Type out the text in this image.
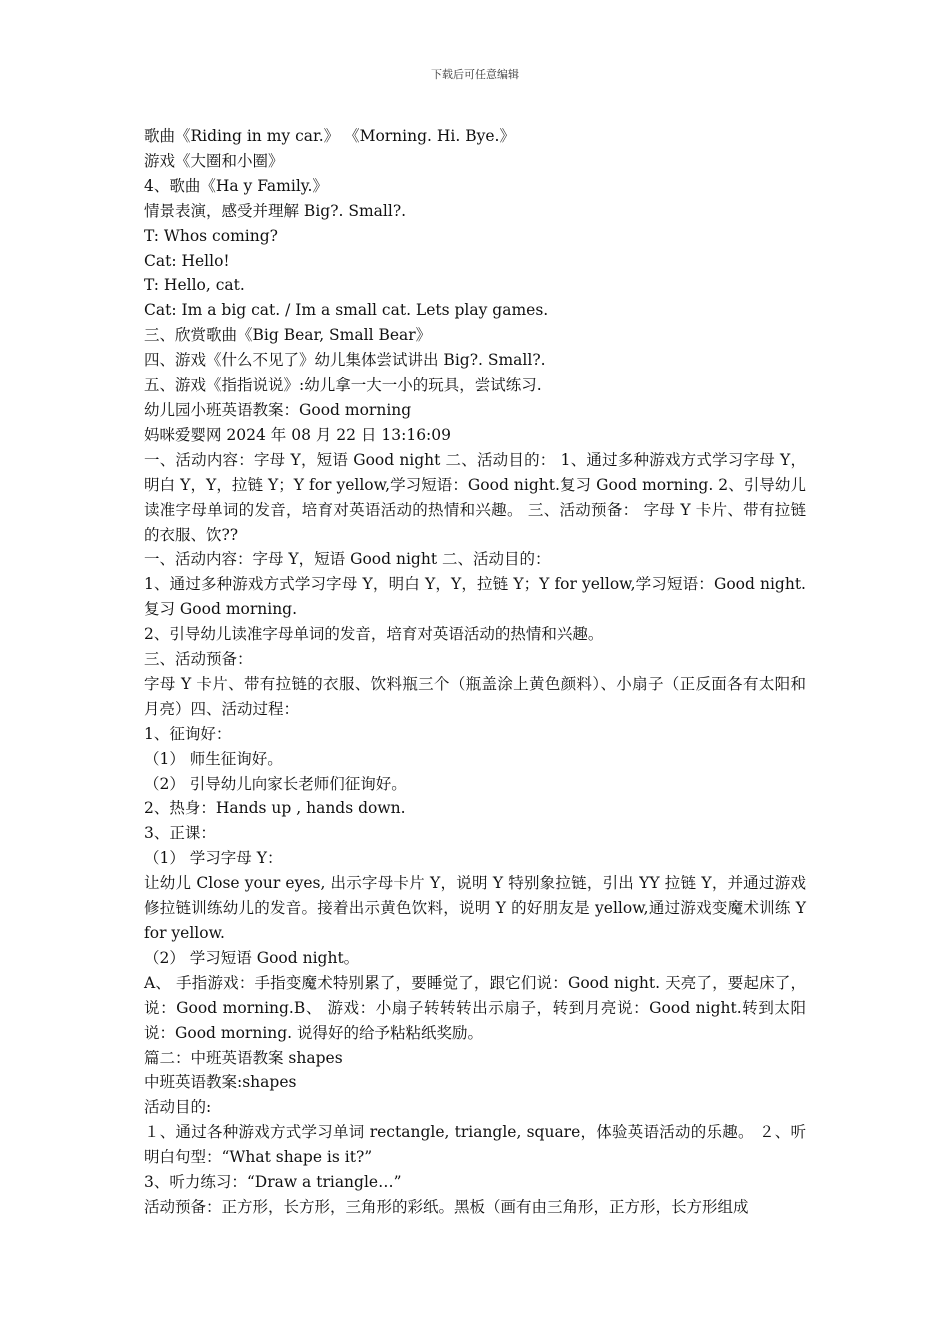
下载后可任意编辑
歌曲《Riding in my car.》 《Morning. Hi. Bye.》
游戏《大圈和小圈》
4、歌曲《Ha y Family.》
情景表演，感受并理解 Big?. Small?.
T: Whos coming?
Cat: Hello!
T: Hello, cat.
Cat: Im a big cat. / Im a small cat. Lets play games.
三、欣赏歌曲《Big Bear, Small Bear》
四、游戏《什么不见了》幼儿集体尝试讲出 Big?. Small?.
五、游戏《指指说说》:幼儿拿一大一小的玩具，尝试练习.
幼儿园小班英语教案：Good morning
妈咪爱婴网 2024 年 08 月 22 日 13:16:09
一、活动内容：字母 Y，短语 Good night 二、活动目的： 1、通过多种游戏方式学习字母 Y，明白 Y，Y，拉链 Y；Y for yellow,学习短语：Good night.复习 Good morning. 2、引导幼儿读准字母单词的发音，培育对英语活动的热情和兴趣。 三、活动预备： 字母 Y 卡片、带有拉链的衣服、饮??
一、活动内容：字母 Y，短语 Good night 二、活动目的：
1、通过多种游戏方式学习字母 Y，明白 Y，Y，拉链 Y；Y for yellow,学习短语：Good night.复习 Good morning.
2、引导幼儿读准字母单词的发音，培育对英语活动的热情和兴趣。
三、活动预备：
字母 Y 卡片、带有拉链的衣服、饮料瓶三个（瓶盖涂上黄色颜料）、小扇子（正反面各有太阳和月亮）四、活动过程：
1、征询好：
（1） 师生征询好。
（2） 引导幼儿向家长老师们征询好。
2、热身：Hands up , hands down.
3、正课：
（1） 学习字母 Y：
让幼儿 Close your eyes, 出示字母卡片 Y，说明 Y 特别象拉链，引出 YY 拉链 Y，并通过游戏修拉链训练幼儿的发音。接着出示黄色饮料，说明 Y 的好朋友是 yellow,通过游戏变魔术训练 Y for yellow.
（2） 学习短语 Good night。
A、 手指游戏：手指变魔术特别累了，要睡觉了，跟它们说：Good night. 天亮了，要起床了，说：Good morning.B、 游戏：小扇子转转转出示扇子，转到月亮说：Good night.转到太阳说：Good morning. 说得好的给予粘粘纸奖励。
篇二：中班英语教案 shapes
中班英语教案:shapes
活动目的:
１、通过各种游戏方式学习单词 rectangle, triangle, square，体验英语活动的乐趣。 ２、听明白句型：“What shape is it?”
3、听力练习：“Draw a triangle…”
活动预备：正方形，长方形，三角形的彩纸。黑板（画有由三角形，正方形，长方形组成
